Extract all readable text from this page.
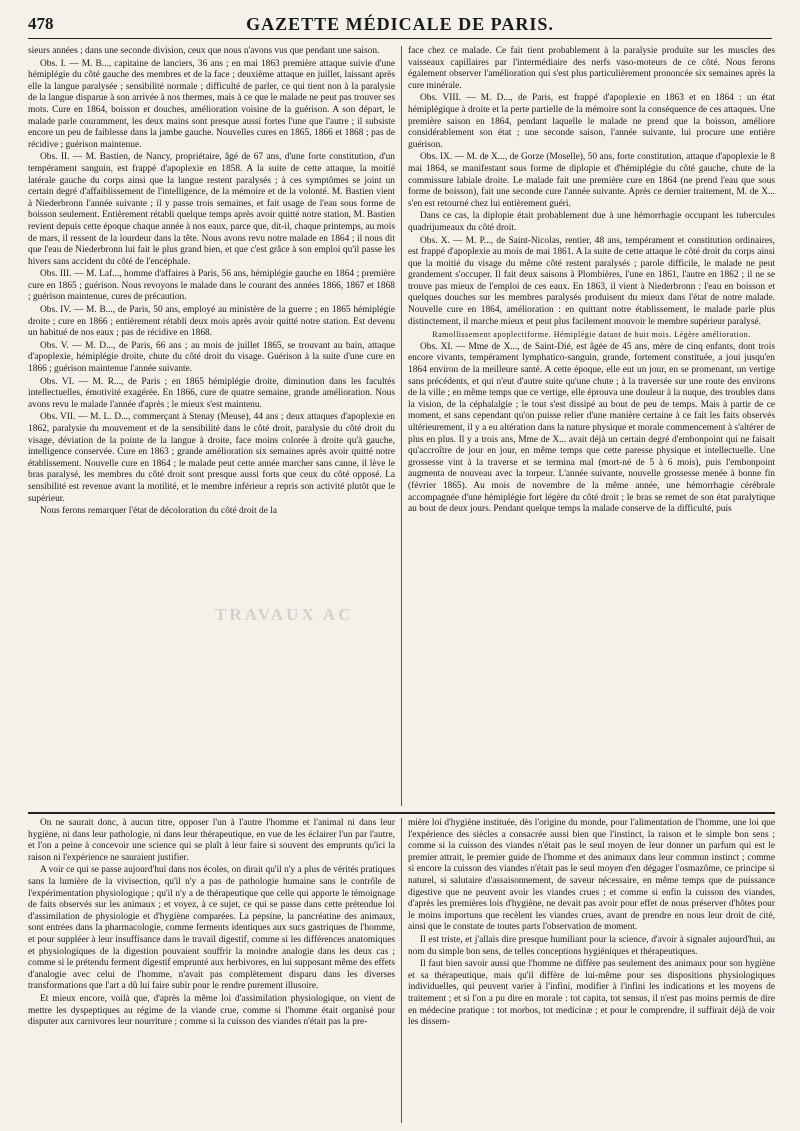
478	GAZETTE MÉDICALE DE PARIS.

sieurs années ; dans une seconde division, ceux que nous n'avons vus que pendant une saison.

Obs. I. — M. B..., capitaine de lanciers, 36 ans ; en mai 1863 première attaque suivie d'une hémiplégie du côté gauche des membres et de la face ; deuxième attaque en juillet, laissant après elle la langue paralysée ; sensibilité normale ; difficulté de parler, ce qui tient non à la paralysie de la langue disparue à son arrivée à nos thermes, mais à ce que le malade ne peut pas trouver ses mots. Cure en 1864, boisson et douches, amélioration voisine de la guérison. A son départ, le malade parle couramment, les deux mains sont presque aussi fortes l'une que l'autre ; il subsiste encore un peu de faiblesse dans la jambe gauche. Nouvelles cures en 1865, 1866 et 1868 ; pas de récidive ; guérison maintenue.

Obs. II. — M. Bastien, de Nancy, propriétaire, âgé de 67 ans, d'une forte constitution, d'un tempérament sanguin, est frappé d'apoplexie en 1858. A la suite de cette attaque, la moitié latérale gauche du corps ainsi que la langue restent paralysés ; à ces symptômes se joint un certain degré d'affaiblissement de l'intelligence, de la mémoire et de la volonté. M. Bastien vient à Niederbronn l'année suivante ; il y passe trois semaines, et fait usage de l'eau sous forme de boisson seulement. Entièrement rétabli quelque temps après avoir quitté notre station, M. Bastien revient depuis cette époque chaque année à nos eaux, parce que, dit-il, chaque printemps, au mois de mars, il ressent de la lourdeur dans la tête. Nous avons revu notre malade en 1864 ; il nous dit que l'eau de Niederbronn lui fait le plus grand bien, et que c'est grâce à son emploi qu'il passe les hivers sans accident du côté de l'encéphale.

Obs. III. — M. Laf..., homme d'affaires à Paris, 56 ans, hémiplégie gauche en 1864 ; première cure en 1865 ; guérison. Nous revoyons le malade dans le courant des années 1866, 1867 et 1868 ; guérison maintenue, cures de précaution.

Obs. IV. — M. B..., de Paris, 50 ans, employé au ministère de la guerre ; en 1865 hémiplégie droite ; cure en 1866 ; entièrement rétabli deux mois après avoir quitté notre station. Est devenu un habitué de nos eaux ; pas de récidive en 1868.

Obs. V. — M. D..., de Paris, 66 ans ; au mois de juillet 1865, se trouvant au bain, attaque d'apoplexie, hémiplégie droite, chute du côté droit du visage. Guérison à la suite d'une cure en 1866 ; guérison maintenue l'année suivante.

Obs. VI. — M. R..., de Paris ; en 1865 hémiplégie droite, diminution dans les facultés intellectuelles, émotivité exagérée. En 1866, cure de quatre semaine, grande amélioration. Nous avons revu le malade l'année d'après ; le mieux s'est maintenu.

Obs. VII. — M. L. D..., commerçant à Stenay (Meuse), 44 ans ; deux attaques d'apoplexie en 1862, paralysie du mouvement et de la sensibilité dans le côté droit, paralysie du côté droit du visage, déviation de la pointe de la langue à droite, face moins colorée à droite qu'à gauche, intelligence conservée. Cure en 1863 ; grande amélioration six semaines après avoir quitté notre établissement. Nouvelle cure en 1864 ; le malade peut cette année marcher sans canne, il lève le bras paralysé, les membres du côté droit sont presque aussi forts que ceux du côté opposé. La sensibilité est revenue avant la motilité, et le membre inférieur a repris son activité plutôt que le supérieur.

Nous ferons remarquer l'état de décoloration du côté droit de la

face chez ce malade. Ce fait tient probablement à la paralysie produite sur les muscles des vaisseaux capillaires par l'intermédiaire des nerfs vaso-moteurs de ce côté. Nous ferons également observer l'amélioration qui s'est plus particulièrement prononcée six semaines après la cure minérale.

Obs. VIII. — M. D..., de Paris, est frappé d'apoplexie en 1863 et en 1864 : un état hémiplégique à droite et la perte partielle de la mémoire sont la conséquence de ces attaques. Une première saison en 1864, pendant laquelle le malade ne prend que la boisson, améliore considérablement son état ; une seconde saison, l'année suivante, lui procure une entière guérison.

Obs. IX. — M. de X..., de Gorze (Moselle), 50 ans, forte constitution, attaque d'apoplexie le 8 mai 1864, se manifestant sous forme de diplopie et d'hémiplégie du côté gauche, chute de la commissure labiale droite. Le malade fait une première cure en 1864 (ne prend l'eau que sous forme de boisson), fait une seconde cure l'année suivante. Après ce dernier traitement, M. de X... s'en est retourné chez lui entièrement guéri.

Dans ce cas, la diplopie était probablement due à une hémorrhagie occupant les tubercules quadrijumeaux du côté droit.

Obs. X. — M. P..., de Saint-Nicolas, rentier, 48 ans, tempérament et constitution ordinaires, est frappé d'apoplexie au mois de mai 1861. A la suite de cette attaque le côté droit du corps ainsi que la moitié du visage du même côté restent paralysés ; parole difficile, le malade ne peut grandement s'occuper. Il fait deux saisons à Plombières, l'une en 1861, l'autre en 1862 ; il ne se trouve pas mieux de l'emploi de ces eaux. En 1863, il vient à Niederbronn : l'eau en boisson et quelques douches sur les membres paralysés produisent du mieux dans l'état de notre malade. Nouvelle cure en 1864, amélioration : en quittant notre établissement, le malade parle plus distinctement, il marche mieux et peut plus facilement mouvoir le membre supérieur paralysé.

Ramollissement apoplectiforme. Hémiplégie datant de huit mois. Légère amélioration.

Obs. XI. — Mme de X..., de Saint-Dié, est âgée de 45 ans, mère de cinq enfants, dont trois encore vivants, tempérament lymphatico-sanguin, grande, fortement constituée, a joui jusqu'en 1864 environ de la meilleure santé. A cette époque, elle eut un jour, en se promenant, un vertige sans précédents, et qui n'eut d'autre suite qu'une chute ; à la traversée sur une route des environs de la ville ; en même temps que ce vertige, elle éprouva une douleur à la nuque, des troubles dans la vision, de la céphalalgie ; le tout s'est dissipé au bout de peu de temps. Mais à partir de ce moment, et sans cependant qu'on puisse relier d'une manière certaine à ce fait les faits observés ultérieurement, il y a eu altération dans la nature physique et morale commencement à s'altérer de plus en plus. Il y a trois ans, Mme de X... avait déjà un certain degré d'embonpoint qui ne faisait qu'accroître de jour en jour, en même temps que cette paresse physique et intellectuelle. Une grossesse vint à la traverse et se termina mal (mort-né de 5 à 6 mois), puis l'embonpoint augmenta de nouveau avec la torpeur. L'année suivante, nouvelle grossesse menée à bonne fin (février 1865). Au mois de novembre de la même année, une hémorrhagie cérébrale accompagnée d'une hémiplégie fort légère du côté droit ; le bras se remet de son état paralytique au bout de deux jours. Pendant quelque temps la malade conserve de la difficulté, puis

TRAVAUX AC

On ne saurait donc, à aucun titre, opposer l'un à l'autre l'homme et l'animal ni dans leur hygiène, ni dans leur pathologie, ni dans leur thérapeutique, en vue de les éclairer l'un par l'autre, et l'on a peine à concevoir une science qui se plaît à leur faire si souvent des emprunts qu'ici la raison ni l'expérience ne sauraient justifier.

A voir ce qui se passe aujourd'hui dans nos écoles, on dirait qu'il n'y a plus de vérités pratiques sans la lumière de la vivisection, qu'il n'y a pas de pathologie humaine sans le contrôle de l'expérimentation physiologique ; qu'il n'y a de thérapeutique que celle qui apporte le témoignage de faits observés sur les animaux ; et voyez, à ce sujet, ce qui se passe dans cette prétendue loi d'assimilation de physiologie et d'hygiène comparées. La pepsine, la pancréatine des animaux, sont entrées dans la pharmacologie, comme ferments identiques aux sucs gastriques de l'homme, et pour suppléer à leur insuffisance dans le travail digestif, comme si les différences anatomiques et physiologiques de la digestion pouvaient souffrir la moindre analogie dans les deux cas ; comme si le prétendu ferment digestif emprunté aux herbivores, en lui supposant même des effets d'analogie avec celui de l'homme, n'avait pas complètement disparu dans les diverses transformations que l'art a dû lui faire subir pour le rendre purement illusoire.

Et mieux encore, voilà que, d'après la même loi d'assimilation physiologique, on vient de mettre les dyspeptiques au régime de la viande crue, comme si l'homme était organisé pour disputer aux carnivores leur nourriture ; comme si la cuisson des viandes n'était pas la pre-

mière loi d'hygiène instituée, dès l'origine du monde, pour l'alimentation de l'homme, une loi que l'expérience des siècles a consacrée aussi bien que l'instinct, la raison et le simple bon sens ; comme si la cuisson des viandes n'était pas le seul moyen de leur donner un parfum qui est le premier attrait, le premier guide de l'homme et des animaux dans leur commun instinct ; comme si encore la cuisson des viandes n'était pas le seul moyen d'en dégager l'osmazôme, ce principe si naturel, si salutaire d'assaisonnement, de saveur nécessaire, en même temps que de puissance digestive que ne peuvent avoir les viandes crues ; et comme si enfin la cuisson des viandes, d'après les premières lois d'hygiène, ne devait pas avoir pour effet de nous préserver d'hôtes pour le moins importuns que recèlent les viandes crues, avant de prendre en nous leur droit de cité, ainsi que le constate de toutes parts l'observation de moment.

Il est triste, et j'allais dire presque humiliant pour la science, d'avoir à signaler aujourd'hui, au nom du simple bon sens, de telles conceptions hygiéniques et thérapeutiques.

Il faut bien savoir aussi que l'homme ne diffère pas seulement des animaux pour son hygiène et sa thérapeutique, mais qu'il diffère de lui-même pour ses dispositions physiologiques individuelles, qui peuvent varier à l'infini, modifier à l'infini les indications et les moyens de traitement ; et si l'on a pu dire en morale : tot capita, tot sensus, il n'est pas moins permis de dire en médecine pratique : tot morbos, tot medicinæ ; et pour le comprendre, il suffirait déjà de voir les dissem-
